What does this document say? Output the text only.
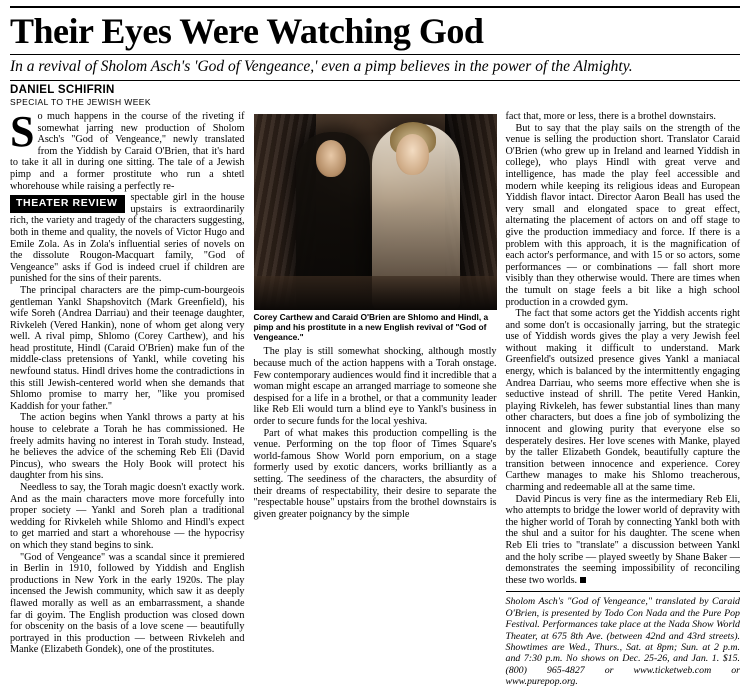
Their Eyes Were Watching God
In a revival of Sholom Asch's 'God of Vengeance,' even a pimp believes in the power of the Almighty.
DANIEL SCHIFRIN
SPECIAL TO THE JEWISH WEEK

So much happens in the course of the riveting if somewhat jarring new production of Sholom Asch's "God of Vengeance," newly translated from the Yiddish by Caraid O'Brien, that it's hard to take it all in during one sitting. The tale of a Jewish pimp and a former prostitute who run a shtetl whorehouse while raising a perfectly re-

THEATER REVIEW	spectable girl in the house upstairs is extraordinarily rich, the variety and tragedy of the characters suggesting, both in theme and quality, the novels of Victor Hugo and Emile Zola. As in Zola's influential series of novels on the dissolute Rougon-Macquart family, "God of Vengeance" asks if God is indeed cruel if children are punished for the sins of their parents.

The principal characters are the pimp-cum-bourgeois gentleman Yankl Shapshovitch (Mark Greenfield), his wife Soreh (Andrea Darriau) and their teenage daughter, Rivkeleh (Vered Hankin), none of whom get along very well. A rival pimp, Shlomo (Corey Carthew), and his head prostitute, Hindl (Caraid O'Brien) make fun of the middle-class pretensions of Yankl, while coveting his newfound status. Hindl drives home the contradictions in this still Jewish-centered world when she demands that Shlomo promise to marry her, "like you promised Kaddish for your father."

The action begins when Yankl throws a party at his house to celebrate a Torah he has commissioned. He freely admits having no interest in Torah study. Instead, he believes the advice of the scheming Reb Eli (David Pincus), who swears the Holy Book will protect his daughter from his sins.

Needless to say, the Torah magic doesn't exactly work. And as the main characters move more forcefully into proper society — Yankl and Soreh plan a traditional wedding for Rivkeleh while Shlomo and Hindl's expect to get married and start a whorehouse — the hypocrisy on which they stand begins to sink.

"God of Vengeance" was a scandal since it premiered in Berlin in 1910, followed by Yiddish and English productions in New York in the early 1920s. The play incensed the Jewish community, which saw it as deeply flawed morally as well as an embarrassment, a shande far di goyim. The English production was closed down for obscenity on the basis of a love scene — beautifully portrayed in this production — between Rivkeleh and Manke (Elizabeth Gondek), one of the prostitutes.

Corey Carthew and Caraid O'Brien are Shlomo and Hindl, a pimp and his prostitute in a new English revival of "God of Vengeance."

The play is still somewhat shocking, although mostly because much of the action happens with a Torah onstage. Few contemporary audiences would find it incredible that a woman might escape an arranged marriage to someone she despised for a life in a brothel, or that a community leader like Reb Eli would turn a blind eye to Yankl's business in order to secure funds for the local yeshiva.

Part of what makes this production compelling is the venue. Performing on the top floor of Times Square's world-famous Show World porn emporium, on a stage formerly used by exotic dancers, works brilliantly as a setting. The seediness of the characters, the absurdity of their dreams of respectability, their desire to separate the "respectable house" upstairs from the brothel downstairs is given greater poignancy by the simple

fact that, more or less, there is a brothel downstairs.

But to say that the play sails on the strength of the venue is selling the production short. Translator Caraid O'Brien (who grew up in Ireland and learned Yiddish in college), who plays Hindl with great verve and intelligence, has made the play feel accessible and modern while keeping its religious ideas and European Yiddish flavor intact. Director Aaron Beall has used the very small and elongated space to great effect, alternating the placement of actors on and off stage to give the production immediacy and force. If there is a problem with this approach, it is the magnification of each actor's performance, and with 15 or so actors, some performances — or combinations — fall short more visibly than they otherwise would. There are times when the tumult on stage feels a bit like a high school production in a crowded gym.

The fact that some actors get the Yiddish accents right and some don't is occasionally jarring, but the strategic use of Yiddish words gives the play a very Jewish feel without making it difficult to understand. Mark Greenfield's outsized presence gives Yankl a maniacal energy, which is balanced by the intermittently engaging Andrea Darriau, who seems more effective when she is seductive instead of shrill. The petite Vered Hankin, playing Rivkeleh, has fewer substantial lines than many other characters, but does a fine job of symbolizing the innocent and glowing purity that everyone else so desperately desires. Her love scenes with Manke, played by the taller Elizabeth Gondek, beautifully capture the transition between innocence and experience. Corey Carthew manages to make his Shlomo treacherous, charming and redeemable all at the same time.

David Pincus is very fine as the intermediary Reb Eli, who attempts to bridge the lower world of depravity with the higher world of Torah by connecting Yankl both with the shul and a suitor for his daughter. The scene when Reb Eli tries to "translate" a discussion between Yankl and the holy scribe — played sweetly by Shane Baker — demonstrates the seeming impossibility of reconciling these two worlds.

Sholom Asch's "God of Vengeance," translated by Caraid O'Brien, is presented by Todo Con Nada and the Pure Pop Festival. Performances take place at the Nada Show World Theater, at 675 8th Ave. (between 42nd and 43rd streets). Showtimes are Wed., Thurs., Sat. at 8pm; Sun. at 2 p.m. and 7:30 p.m. No shows on Dec. 25-26, and Jan. 1. $15. (800) 965-4827 or www.ticketweb.com or www.purepop.org.
